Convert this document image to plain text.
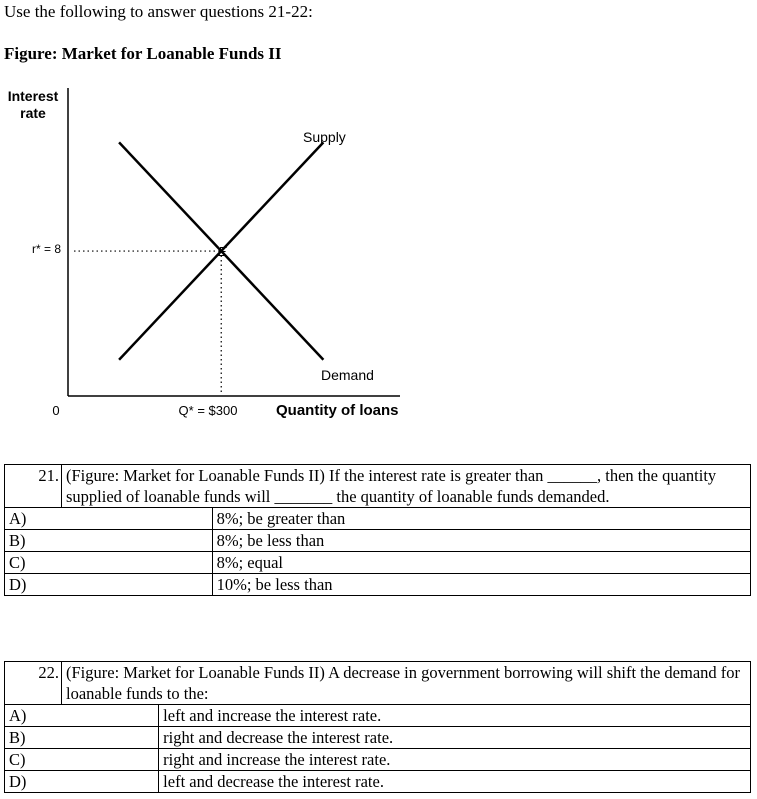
Use the following to answer questions 21-22:
Figure: Market for Loanable Funds II
Interest
rate
Supply
Demand
E
r* = 8
0	Q* = $300	Quantity of loans
21.	(Figure: Market for Loanable Funds II) If the interest rate is greater than ______, then the quantity supplied of loanable funds will _______ the quantity of loanable funds demanded.	
A)		8%; be greater than
B)		8%; be less than
C)		8%; equal
D)		10%; be less than
22.	(Figure: Market for Loanable Funds II) A decrease in government borrowing will shift the demand for loanable funds to the:	
A)		left and increase the interest rate.
B)		right and decrease the interest rate.
C)		right and increase the interest rate.
D)		left and decrease the interest rate.
